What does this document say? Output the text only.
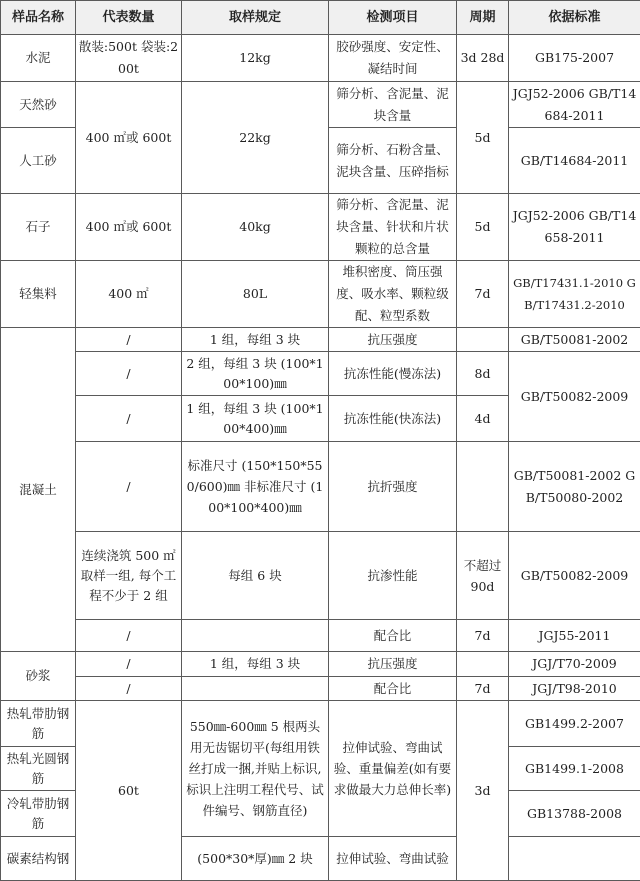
样品名称	代表数量	取样规定	检测项目	周期	依据标准
水泥	散装:500t 袋装:200t	12kg	胶砂强度、安定性、凝结时间	3d 28d	GB175-2007
天然砂	400 ㎡或 600t	22kg	筛分析、含泥量、泥块含量	5d	JGJ52-2006 GB/T14684-2011
人工砂			筛分析、石粉含量、泥块含量、压碎指标		GB/T14684-2011
石子	400 ㎡或 600t	40kg	筛分析、含泥量、泥块含量、针状和片状颗粒的总含量	5d	JGJ52-2006 GB/T14658-2011
轻集料	400 ㎡	80L	堆积密度、筒压强度、吸水率、颗粒级配、粒型系数	7d	GB/T17431.1-2010 GB/T17431.2-2010
混凝土	/	1 组，每组 3 块	抗压强度		GB/T50081-2002
	/	2 组，每组 3 块 (100*100*100)㎜	抗冻性能(慢冻法)	8d	GB/T50082-2009
	/	1 组，每组 3 块 (100*100*400)㎜	抗冻性能(快冻法)	4d	
	/	标准尺寸 (150*150*550/600)㎜ 非标准尺寸 (100*100*400)㎜	抗折强度		GB/T50081-2002 GB/T50080-2002
	连续浇筑 500 ㎡取样一组, 每个工程不少于 2 组	每组 6 块	抗渗性能	不超过 90d	GB/T50082-2009
	/		配合比	7d	JGJ55-2011
砂浆	/	1 组，每组 3 块	抗压强度		JGJ/T70-2009
	/		配合比	7d	JGJ/T98-2010
热轧带肋钢筋	60t	550㎜-600㎜ 5 根两头用无齿锯切平(每组用铁丝打成一捆,并贴上标识,标识上注明工程代号、试件编号、钢筋直径)	拉伸试验、弯曲试验、重量偏差(如有要求做最大力总伸长率)	3d	GB1499.2-2007
热轧光圆钢筋					GB1499.1-2008
冷轧带肋钢筋					GB13788-2008
碳素结构钢		(500*30*厚)㎜ 2 块	拉伸试验、弯曲试验		
